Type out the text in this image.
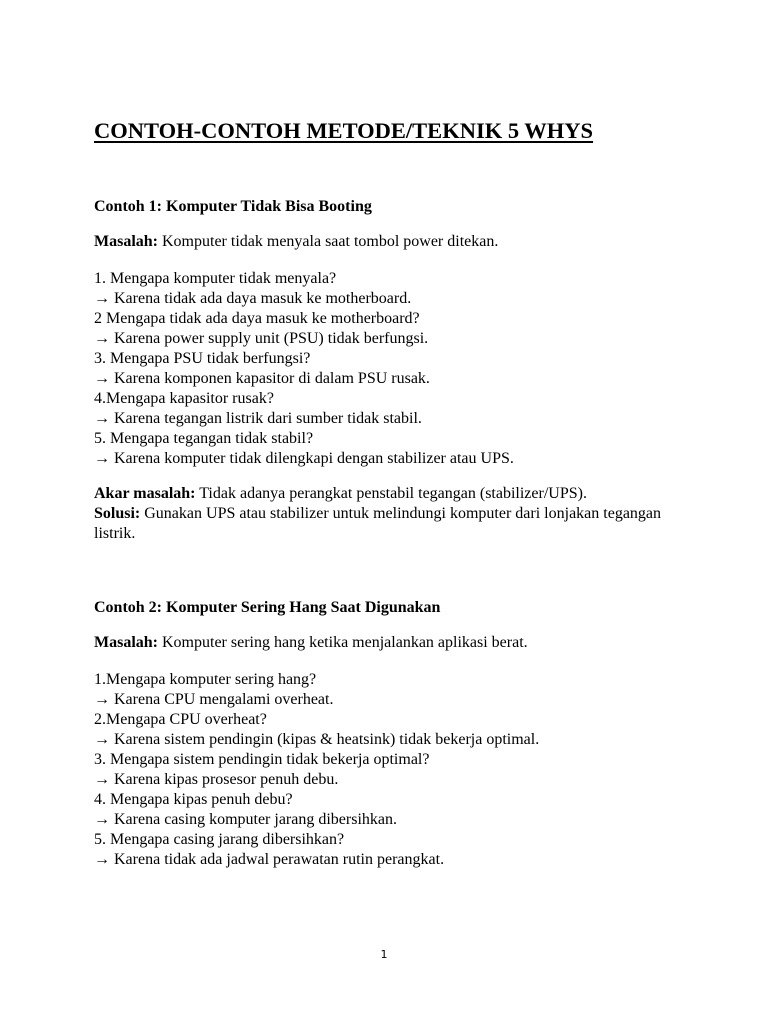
CONTOH-CONTOH METODE/TEKNIK 5 WHYS
Contoh 1: Komputer Tidak Bisa Booting
Masalah: Komputer tidak menyala saat tombol power ditekan.
1. Mengapa komputer tidak menyala?
→ Karena tidak ada daya masuk ke motherboard.
2 Mengapa tidak ada daya masuk ke motherboard?
→ Karena power supply unit (PSU) tidak berfungsi.
3. Mengapa PSU tidak berfungsi?
→ Karena komponen kapasitor di dalam PSU rusak.
4.Mengapa kapasitor rusak?
→ Karena tegangan listrik dari sumber tidak stabil.
5. Mengapa tegangan tidak stabil?
→ Karena komputer tidak dilengkapi dengan stabilizer atau UPS.
Akar masalah: Tidak adanya perangkat penstabil tegangan (stabilizer/UPS).
Solusi: Gunakan UPS atau stabilizer untuk melindungi komputer dari lonjakan tegangan listrik.
Contoh 2: Komputer Sering Hang Saat Digunakan
Masalah: Komputer sering hang ketika menjalankan aplikasi berat.
1.Mengapa komputer sering hang?
→ Karena CPU mengalami overheat.
2.Mengapa CPU overheat?
→ Karena sistem pendingin (kipas & heatsink) tidak bekerja optimal.
3. Mengapa sistem pendingin tidak bekerja optimal?
→ Karena kipas prosesor penuh debu.
4. Mengapa kipas penuh debu?
→ Karena casing komputer jarang dibersihkan.
5. Mengapa casing jarang dibersihkan?
→ Karena tidak ada jadwal perawatan rutin perangkat.
1
